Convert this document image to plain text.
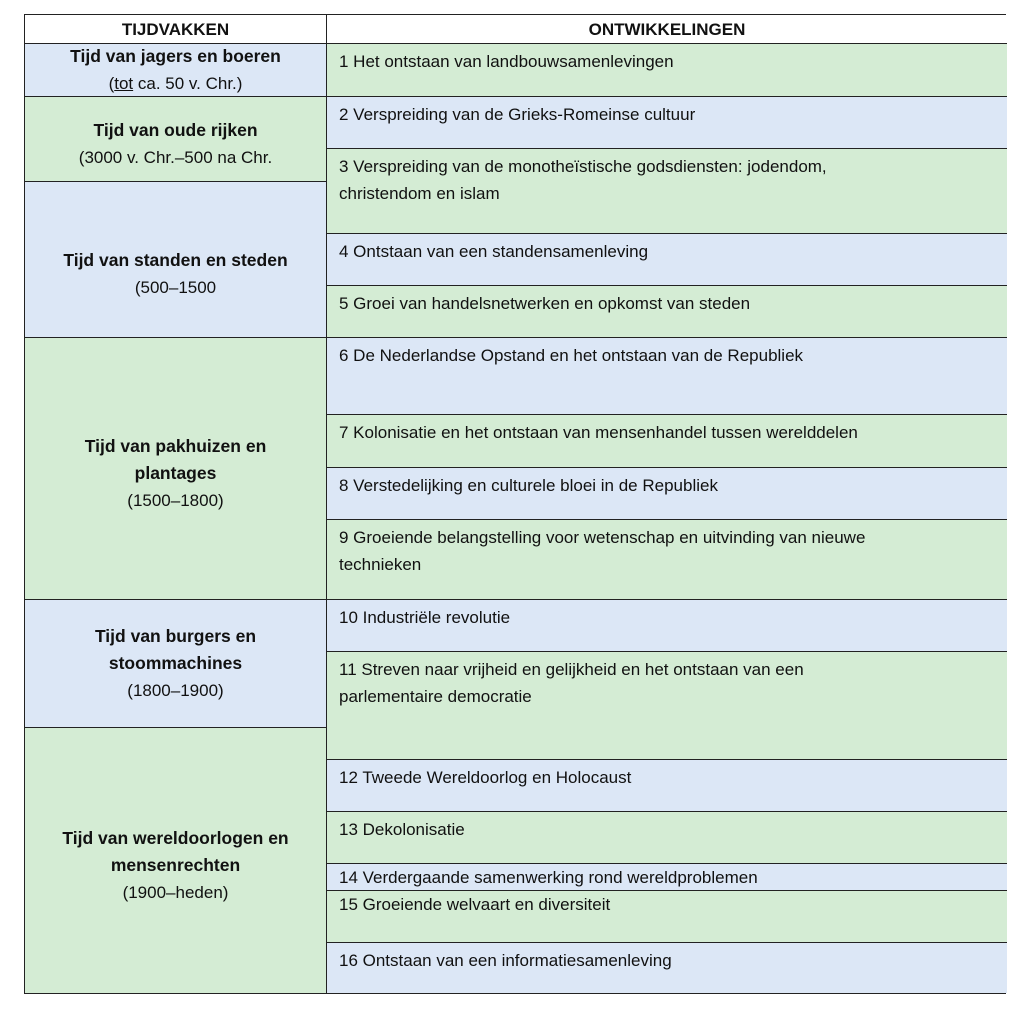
TIJDVAKKEN	ONTWIKKELINGEN
Tijd van jagers en boeren
(tot ca. 50 v. Chr.)
Tijd van oude rijken
(3000 v. Chr.–500 na Chr.
Tijd van standen en steden
(500–1500
Tijd van pakhuizen en
plantages
(1500–1800)
Tijd van burgers en
stoommachines
(1800–1900)
Tijd van wereldoorlogen en
mensenrechten
(1900–heden)
1 Het ontstaan van landbouwsamenlevingen
2 Verspreiding van de Grieks-Romeinse cultuur
3 Verspreiding van de monotheïstische godsdiensten: jodendom,
christendom en islam
4 Ontstaan van een standensamenleving
5 Groei van handelsnetwerken en opkomst van steden
6 De Nederlandse Opstand en het ontstaan van de Republiek
7 Kolonisatie en het ontstaan van mensenhandel tussen werelddelen
8 Verstedelijking en culturele bloei in de Republiek
9 Groeiende belangstelling voor wetenschap en uitvinding van nieuwe
technieken
10 Industriële revolutie
11 Streven naar vrijheid en gelijkheid en het ontstaan van een
parlementaire democratie
12 Tweede Wereldoorlog en Holocaust
13 Dekolonisatie
14 Verdergaande samenwerking rond wereldproblemen
15 Groeiende welvaart en diversiteit
16 Ontstaan van een informatiesamenleving
